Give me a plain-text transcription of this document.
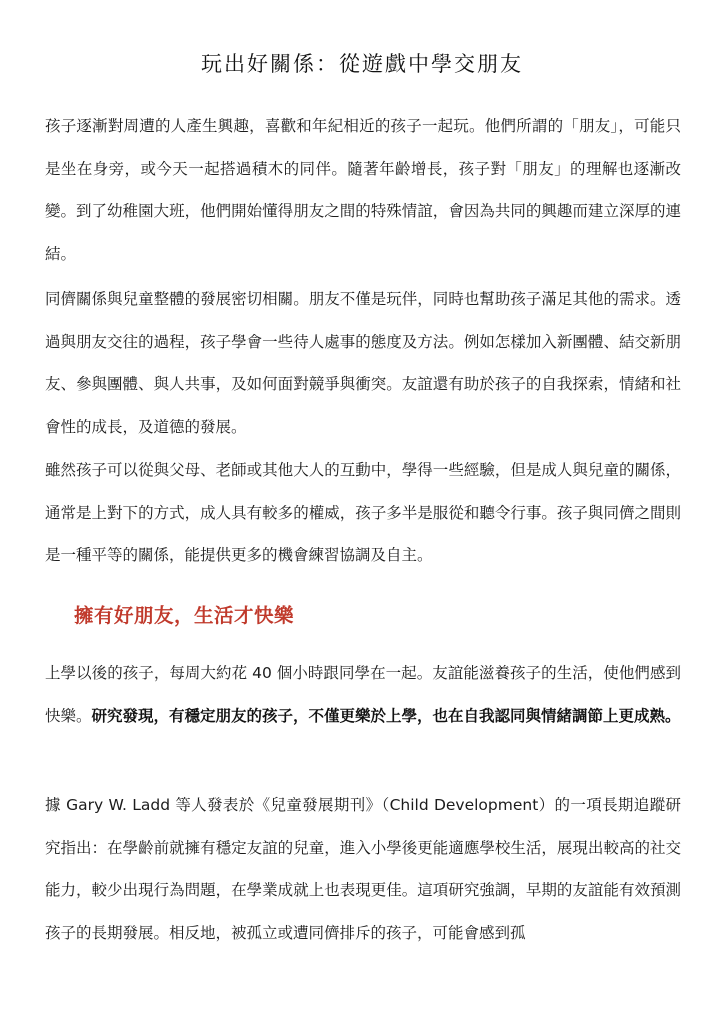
玩出好關係：從遊戲中學交朋友

孩子逐漸對周遭的人產生興趣，喜歡和年紀相近的孩子一起玩。他們所謂的「朋友」，可能只是坐在身旁，或今天一起搭過積木的同伴。隨著年齡增長，孩子對「朋友」的理解也逐漸改變。到了幼稚園大班，他們開始懂得朋友之間的特殊情誼，會因為共同的興趣而建立深厚的連結。

同儕關係與兒童整體的發展密切相關。朋友不僅是玩伴，同時也幫助孩子滿足其他的需求。透過與朋友交往的過程，孩子學會一些待人處事的態度及方法。例如怎樣加入新團體、結交新朋友、參與團體、與人共事，及如何面對競爭與衝突。友誼還有助於孩子的自我探索，情緒和社會性的成長，及道德的發展。

雖然孩子可以從與父母、老師或其他大人的互動中，學得一些經驗，但是成人與兒童的關係，通常是上對下的方式，成人具有較多的權威，孩子多半是服從和聽令行事。孩子與同儕之間則是一種平等的關係，能提供更多的機會練習協調及自主。

擁有好朋友，生活才快樂

上學以後的孩子，每周大約花 40 個小時跟同學在一起。友誼能滋養孩子的生活，使他們感到快樂。研究發現，有穩定朋友的孩子，不僅更樂於上學，也在自我認同與情緒調節上更成熟。

據 Gary W. Ladd 等人發表於《兒童發展期刊》（Child Development）的一項長期追蹤研究指出：在學齡前就擁有穩定友誼的兒童，進入小學後更能適應學校生活，展現出較高的社交能力，較少出現行為問題，在學業成就上也表現更佳。這項研究強調，早期的友誼能有效預測孩子的長期發展。相反地，被孤立或遭同儕排斥的孩子，可能會感到孤
